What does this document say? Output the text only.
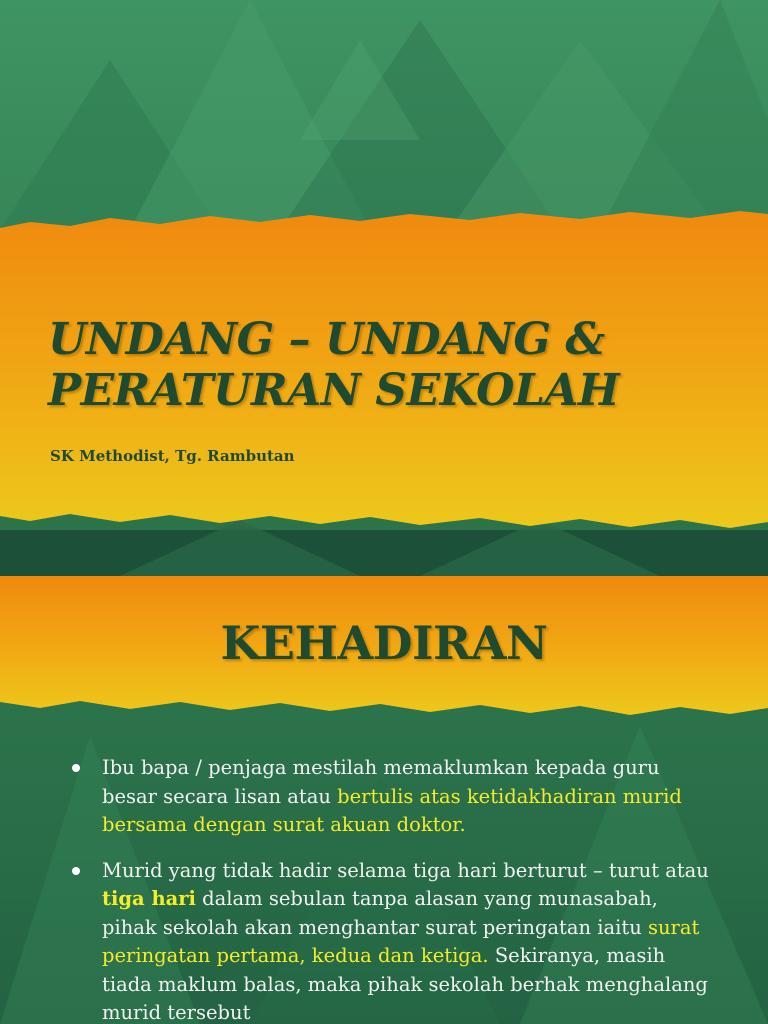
UNDANG – UNDANG &
PERATURAN SEKOLAH

SK Methodist, Tg. Rambutan

KEHADIRAN
Ibu bapa / penjaga mestilah memaklumkan kepada guru besar secara lisan atau bertulis atas ketidakhadiran murid bersama dengan surat akuan doktor.
Murid yang tidak hadir selama tiga hari berturut – turut atau tiga hari dalam sebulan tanpa alasan yang munasabah, pihak sekolah akan menghantar surat peringatan iaitu surat peringatan pertama, kedua dan ketiga. Sekiranya, masih tiada maklum balas, maka pihak sekolah berhak menghalang murid tersebut
